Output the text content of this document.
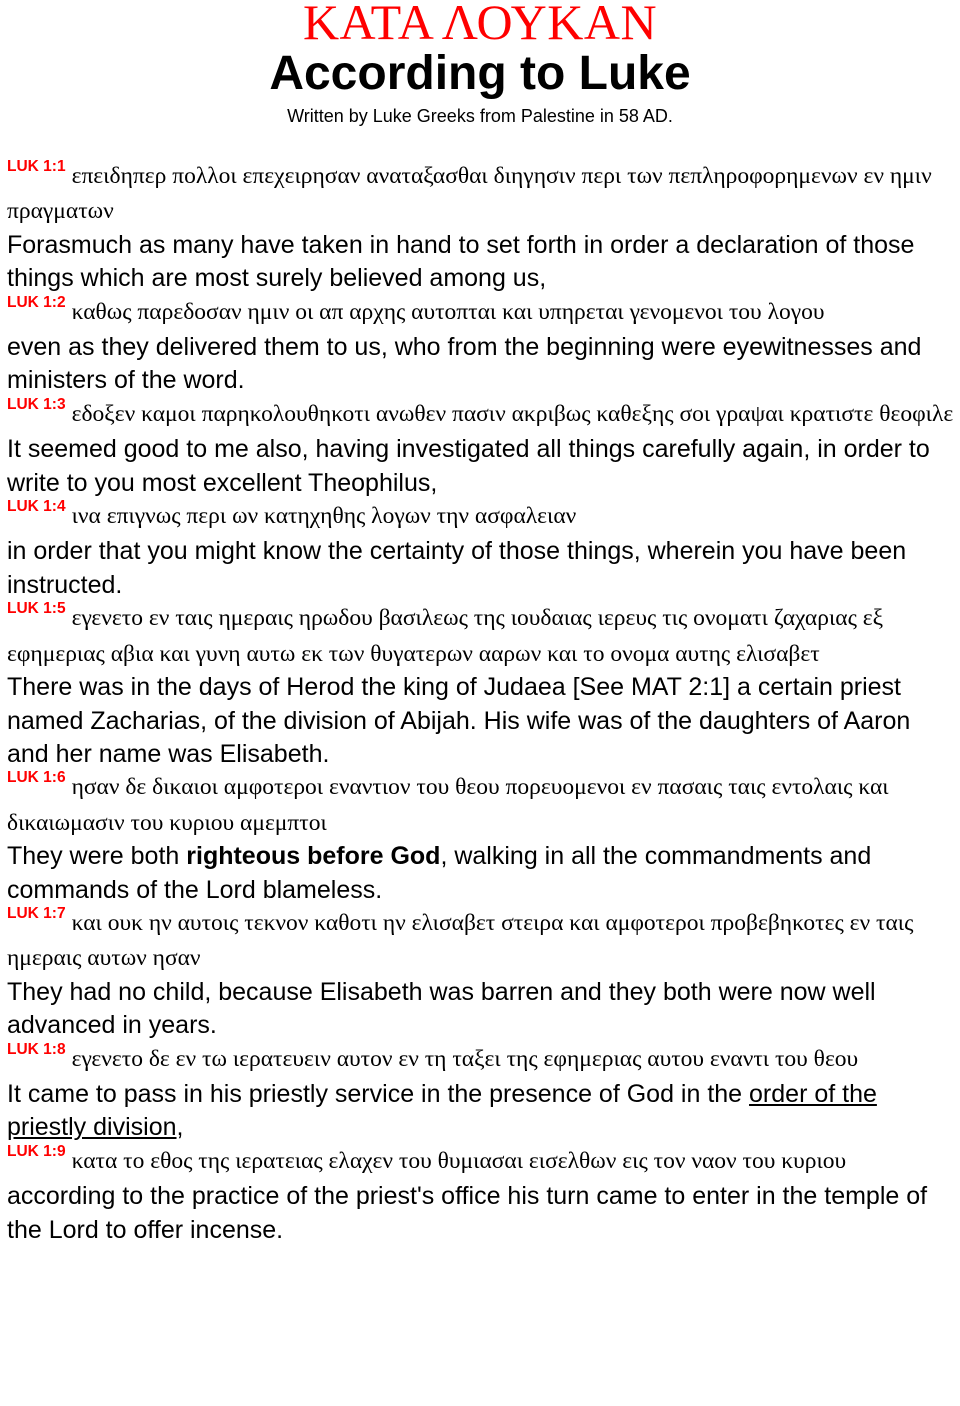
ΚΑΤΑ ΛΟΥΚΑΝ
According to Luke
Written by Luke Greeks from Palestine in 58 AD.
$^{LUK 1:1}$ επειδηπερ πολλοι επεχειρησαν αναταξασθαι διηγησιν περι των πεπληροφορημενων εν ημιν πραγματων
Forasmuch as many have taken in hand to set forth in order a declaration of those things which are most surely believed among us,
$^{LUK 1:2}$ καθως παρεδοσαν ημιν οι απ αρχης αυτοπται και υπηρεται γενομενοι του λογου
even as they delivered them to us, who from the beginning were eyewitnesses and ministers of the word.
$^{LUK 1:3}$ εδοξεν καμοι παρηκολουθηκοτι ανωθεν πασιν ακριβως καθεξης σοι γραψαι κρατιστε θεοφιλε
It seemed good to me also, having investigated all things carefully again, in order to write to you most excellent Theophilus,
$^{LUK 1:4}$ ινα επιγνως περι ων κατηχηθης λογων την ασφαλειαν
in order that you might know the certainty of those things, wherein you have been instructed.
$^{LUK 1:5}$ εγενετο εν ταις ημεραις ηρωδου βασιλεως της ιουδαιας ιερευς τις ονοματι ζαχαριας εξ εφημεριας αβια και γυνη αυτω εκ των θυγατερων ααρων και το ονομα αυτης ελισαβετ
There was in the days of Herod the king of Judaea [See MAT 2:1] a certain priest named Zacharias, of the division of Abijah. His wife was of the daughters of Aaron and her name was Elisabeth.
$^{LUK 1:6}$ ησαν δε δικαιοι αμφοτεροι εναντιον του θεου πορευομενοι εν πασαις ταις εντολαις και δικαιωμασιν του κυριου αμεμπτοι
They were both righteous before God, walking in all the commandments and commands of the Lord blameless.
$^{LUK 1:7}$ και ουκ ην αυτοις τεκνον καθοτι ην ελισαβετ στειρα και αμφοτεροι προβεβηκοτες εν ταις ημεραις αυτων ησαν
They had no child, because Elisabeth was barren and they both were now well advanced in years.
$^{LUK 1:8}$ εγενετο δε εν τω ιερατευειν αυτον εν τη ταξει της εφημεριας αυτου εναντι του θεου
It came to pass in his priestly service in the presence of God in the order of the priestly division,
$^{LUK 1:9}$ κατα το εθος της ιερατειας ελαχεν του θυμιασαι εισελθων εις τον ναον του κυριου
according to the practice of the priest's office his turn came to enter in the temple of the Lord to offer incense.
